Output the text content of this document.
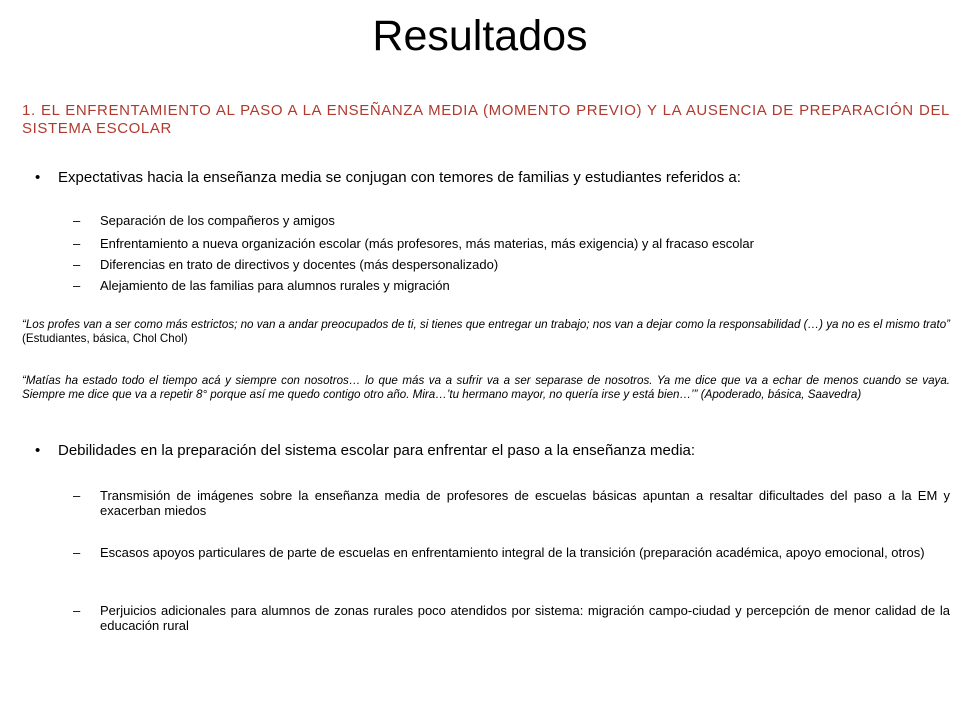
Resultados
1. EL ENFRENTAMIENTO AL PASO A LA ENSEÑANZA MEDIA (MOMENTO PREVIO) Y LA AUSENCIA DE PREPARACIÓN DEL SISTEMA ESCOLAR
• Expectativas hacia la enseñanza media se conjugan con temores de familias y estudiantes referidos a:
– Separación de los compañeros y amigos
– Enfrentamiento a nueva organización escolar (más profesores, más materias, más exigencia) y al fracaso escolar
– Diferencias en trato de directivos y docentes (más despersonalizado)
– Alejamiento de las familias para alumnos rurales y migración
“Los profes van a ser como más estrictos; no van a andar preocupados de ti, si tienes que entregar un trabajo; nos van a dejar como la responsabilidad (…) ya no es el mismo trato” (Estudiantes, básica, Chol Chol)
“Matías ha estado todo el tiempo acá y siempre con nosotros… lo que más va a sufrir va a ser separase de nosotros. Ya me dice que va a echar de menos cuando se vaya. Siempre me dice que va a repetir 8° porque así me quedo contigo otro año. Mira…’tu hermano mayor, no quería irse y está bien…’” (Apoderado, básica, Saavedra)
• Debilidades en la preparación del sistema escolar para enfrentar el paso a la enseñanza media:
– Transmisión de imágenes sobre la enseñanza media de profesores de escuelas básicas apuntan a resaltar dificultades del paso a la EM y exacerban miedos
– Escasos apoyos particulares de parte de escuelas en enfrentamiento integral de la transición (preparación académica, apoyo emocional, otros)
– Perjuicios adicionales para alumnos de zonas rurales poco atendidos por sistema: migración campo-ciudad y percepción de menor calidad de la educación rural
